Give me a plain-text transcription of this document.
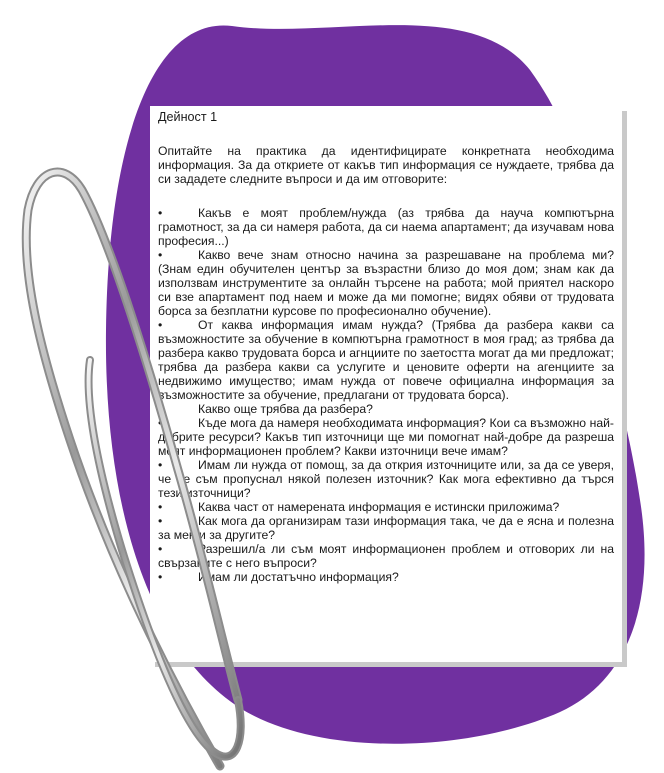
Дейност 1

Опитайте на практика да идентифицирате конкретната необходима информация. За да откриете от какъв тип информация се нуждаете, трябва да си зададете следните въпроси и да им отговорите:

•	Какъв е моят проблем/нужда (аз трябва да науча компютърна грамотност, за да си намеря работа, да си наема апартамент; да изучавам нова професия...)
•	Какво вече знам относно начина за разрешаване на проблема ми? (Знам един обучителен център за възрастни близо до моя дом; знам как да използвам инструментите за онлайн търсене на работа; мой приятел наскоро си взе апартамент под наем и може да ми помогне; видях обяви от трудовата борса за безплатни курсове по професионално обучение).
•	От каква информация имам нужда? (Трябва да разбера какви са възможностите за обучение в компютърна грамотност в моя град; аз трябва да разбера какво трудовата борса и агнциите по заетостта могат да ми предложат; трябва да разбера какви са услугите и ценовите оферти на агенциите за недвижимо имущество; имам нужда от повече официална информация за възможностите за обучение, предлагани от трудовата борса).
•	Какво още трябва да разбера?
•	Къде мога да намеря необходимата информация? Кои са възможно най-добрите ресурси? Какъв тип източници ще ми помогнат най-добре да разреша моят информационен проблем? Какви източници вече имам?
•	Имам ли нужда от помощ, за да открия източниците или, за да се уверя, че не съм пропуснал някой полезен източник? Как мога ефективно да търся тези източници?
•	Каква част от намерената информация е истински приложима?
•	Как мога да организирам тази информация така, че да е ясна и полезна за мен и за другите?
•	Разрешил/а ли съм моят информационен проблем и отговорих ли на свързаните с него въпроси?
•	Имам ли достатъчно информация?
